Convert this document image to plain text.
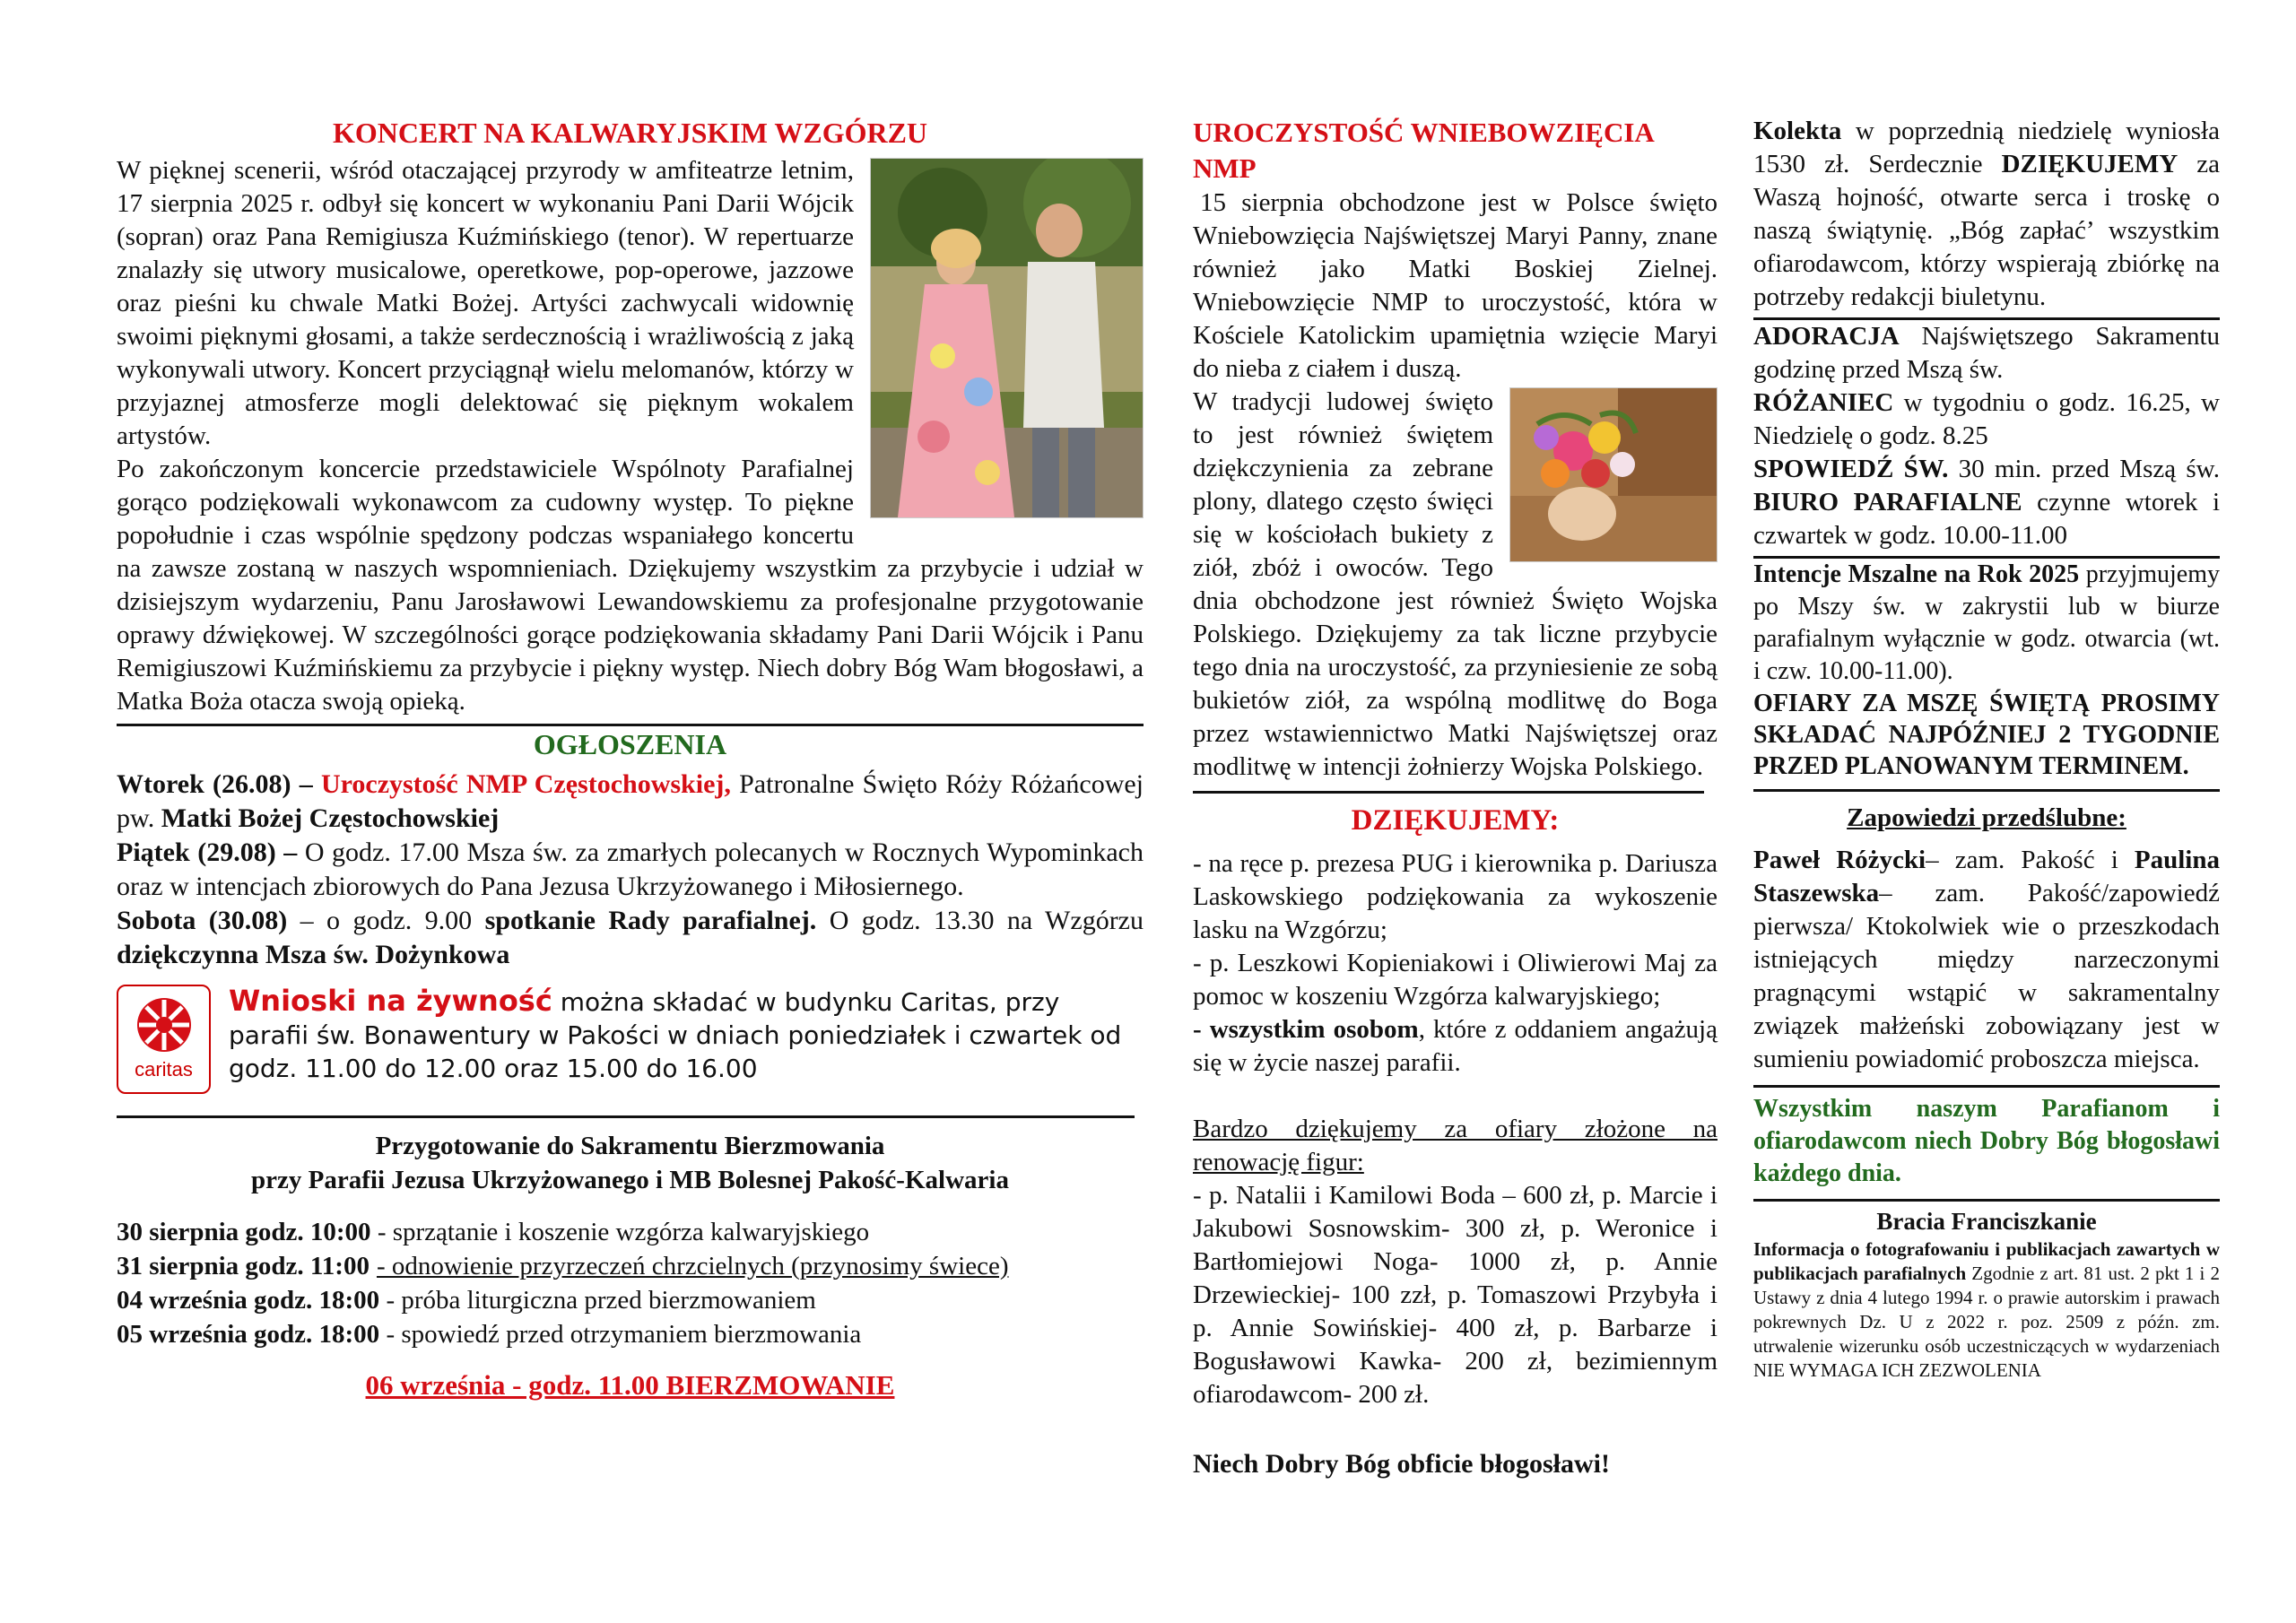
KONCERT NA KALWARYJSKIM WZGÓRZU
W pięknej scenerii, wśród otaczającej przyrody w amfiteatrze letnim, 17 sierpnia 2025 r. odbył się koncert w wykonaniu Pani Darii Wójcik (sopran) oraz Pana Remigiusza Kuźmińskiego (tenor). W repertuarze znalazły się utwory musicalowe, operetkowe, pop-operowe, jazzowe oraz pieśni ku chwale Matki Bożej. Artyści zachwycali widownię swoimi pięknymi głosami, a także serdecznością i wrażliwością z jaką wykonywali utwory. Koncert przyciągnął wielu melomanów, którzy w przyjaznej atmosferze mogli delektować się pięknym wokalem artystów.
Po zakończonym koncercie przedstawiciele Wspólnoty Parafialnej gorąco podziękowali wykonawcom za cudowny występ. To piękne popołudnie i czas wspólnie spędzony podczas wspaniałego koncertu na zawsze zostaną w naszych wspomnieniach. Dziękujemy wszystkim za przybycie i udział w dzisiejszym wydarzeniu, Panu Jarosławowi Lewandowskiemu za profesjonalne przygotowanie oprawy dźwiękowej. W szczególności gorące podziękowania składamy Pani Darii Wójcik i Panu Remigiuszowi Kuźmińskiemu za przybycie i piękny występ. Niech dobry Bóg Wam błogosławi, a Matka Boża otacza swoją opieką.
OGŁOSZENIA
Wtorek (26.08) – Uroczystość NMP Częstochowskiej, Patronalne Święto Róży Różańcowej pw. Matki Bożej Częstochowskiej
Piątek (29.08) – O godz. 17.00 Msza św. za zmarłych polecanych w Rocznych Wypominkach oraz w intencjach zbiorowych do Pana Jezusa Ukrzyżowanego i Miłosiernego.
Sobota (30.08) – o godz. 9.00 spotkanie Rady parafialnej. O godz. 13.30 na Wzgórzu dziękczynna Msza św. Dożynkowa
caritas
Wnioski na żywność można składać w budynku Caritas, przy parafii św. Bonawentury w Pakości w dniach poniedziałek i czwartek od godz. 11.00 do 12.00 oraz 15.00 do 16.00
Przygotowanie do Sakramentu Bierzmowania
przy Parafii Jezusa Ukrzyżowanego i MB Bolesnej Pakość-Kalwaria
30 sierpnia godz. 10:00 - sprzątanie i koszenie wzgórza kalwaryjskiego
31 sierpnia godz. 11:00 - odnowienie przyrzeczeń chrzcielnych (przynosimy świece)
04 września godz. 18:00 - próba liturgiczna przed bierzmowaniem
05 września godz. 18:00 - spowiedź przed otrzymaniem bierzmowania
06 września - godz. 11.00 BIERZMOWANIE
UROCZYSTOŚĆ WNIEBOWZIĘCIA NMP
15 sierpnia obchodzone jest w Polsce święto Wniebowzięcia Najświętszej Maryi Panny, znane również jako Matki Boskiej Zielnej. Wniebowzięcie NMP to uroczystość, która w Kościele Katolickim upamiętnia wzięcie Maryi do nieba z ciałem i duszą.
W tradycji ludowej święto to jest również świętem dziękczynienia za zebrane plony, dlatego często święci się w kościołach bukiety z ziół, zbóż i owoców. Tego dnia obchodzone jest również Święto Wojska Polskiego. Dziękujemy za tak liczne przybycie tego dnia na uroczystość, za przyniesienie ze sobą bukietów ziół, za wspólną modlitwę do Boga przez wstawiennictwo Matki Najświętszej oraz modlitwę w intencji żołnierzy Wojska Polskiego.
DZIĘKUJEMY:
- na ręce p. prezesa PUG i kierownika p. Dariusza Laskowskiego podziękowania za wykoszenie lasku na Wzgórzu;
- p. Leszkowi Kopieniakowi i Oliwierowi Maj za pomoc w koszeniu Wzgórza kalwaryjskiego;
- wszystkim osobom, które z oddaniem angażują się w życie naszej parafii.
Bardzo dziękujemy za ofiary złożone na renowację figur:
- p. Natalii i Kamilowi Boda – 600 zł, p. Marcie i Jakubowi Sosnowskim- 300 zł, p. Weronice i Bartłomiejowi Noga- 1000 zł, p. Annie Drzewieckiej- 100 zzł, p. Tomaszowi Przybyła i p. Annie Sowińskiej- 400 zł, p. Barbarze i Bogusławowi Kawka- 200 zł, bezimiennym ofiarodawcom- 200 zł.
Niech Dobry Bóg obficie błogosławi!
Kolekta w poprzednią niedzielę wyniosła 1530 zł. Serdecznie DZIĘKUJEMY za Waszą hojność, otwarte serca i troskę o naszą świątynię. „Bóg zapłać’ wszystkim ofiarodawcom, którzy wspierają zbiórkę na potrzeby redakcji biuletynu.
ADORACJA Najświętszego Sakramentu godzinę przed Mszą św.
RÓŻANIEC w tygodniu o godz. 16.25, w Niedzielę o godz. 8.25
SPOWIEDŹ ŚW. 30 min. przed Mszą św. BIURO PARAFIALNE czynne wtorek i czwartek w godz. 10.00-11.00
Intencje Mszalne na Rok 2025 przyjmujemy po Mszy św. w zakrystii lub w biurze parafialnym wyłącznie w godz. otwarcia (wt. i czw. 10.00-11.00).
OFIARY ZA MSZĘ ŚWIĘTĄ PROSIMY SKŁADAĆ NAJPÓŹNIEJ 2 TYGODNIE PRZED PLANOWANYM TERMINEM.
Zapowiedzi przedślubne:
Paweł Różycki– zam. Pakość i Paulina Staszewska– zam. Pakość/zapowiedź pierwsza/ Ktokolwiek wie o przeszkodach istniejących między narzeczonymi pragnącymi wstąpić w sakramentalny związek małżeński zobowiązany jest w sumieniu powiadomić proboszcza miejsca.
Wszystkim naszym Parafianom i ofiarodawcom niech Dobry Bóg błogosławi każdego dnia.
Bracia Franciszkanie
Informacja o fotografowaniu i publikacjach zawartych w publikacjach parafialnych Zgodnie z art. 81 ust. 2 pkt 1 i 2 Ustawy z dnia 4 lutego 1994 r. o prawie autorskim i prawach pokrewnych Dz. U z 2022 r. poz. 2509 z późn. zm. utrwalenie wizerunku osób uczestniczących w wydarzeniach NIE WYMAGA ICH ZEZWOLENIA
